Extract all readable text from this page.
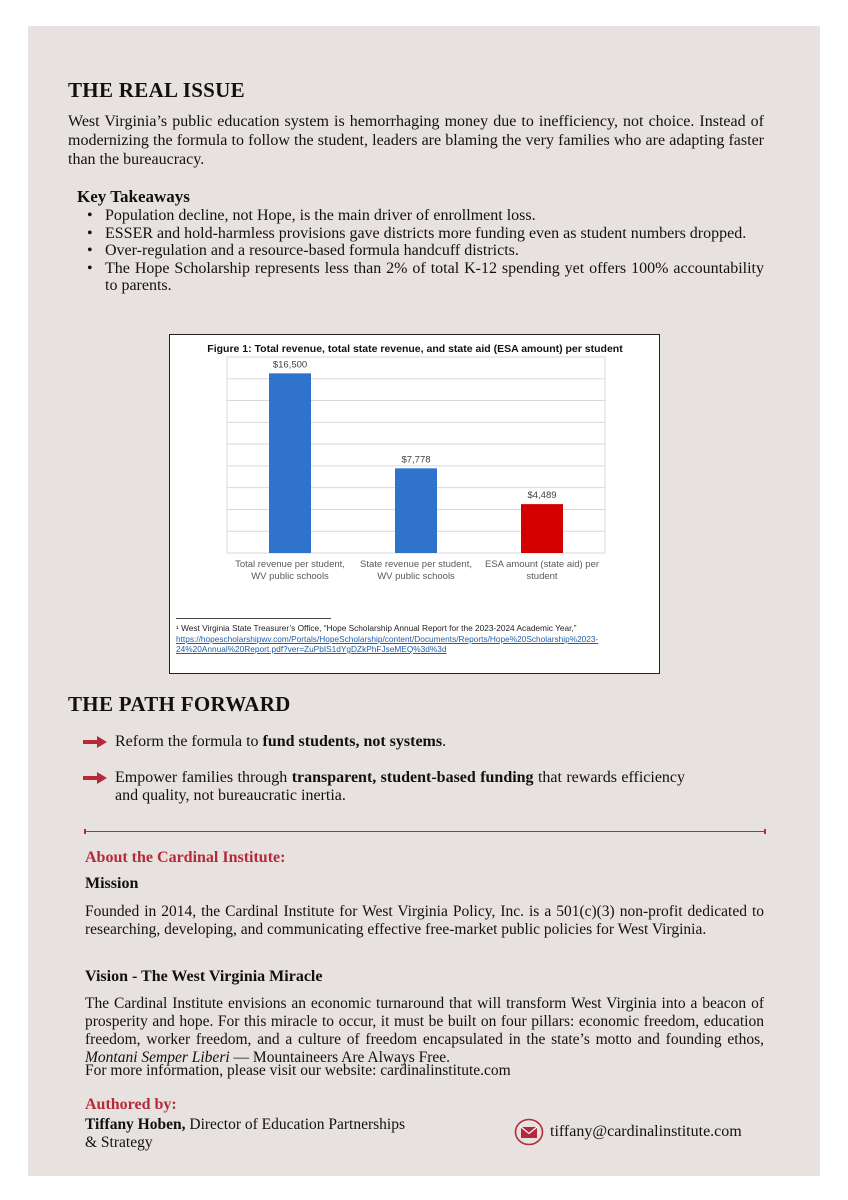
THE REAL ISSUE
West Virginia’s public education system is hemorrhaging money due to inefficiency, not choice. Instead of modernizing the formula to follow the student, leaders are blaming the very families who are adapting faster than the bureaucracy.
Key Takeaways
• Population decline, not Hope, is the main driver of enrollment loss.
• ESSER and hold-harmless provisions gave districts more funding even as student numbers dropped.
• Over-regulation and a resource-based formula handcuff districts.
• The Hope Scholarship represents less than 2% of total K-12 spending yet offers 100% accountability to parents.
Figure 1: Total revenue, total state revenue, and state aid (ESA amount) per student
$16,500
Total revenue per student,
WV public schools
$7,778
State revenue per student,
WV public schools
$4,489
ESA amount (state aid) per
student
¹ West Virginia State Treasurer’s Office, “Hope Scholarship Annual Report for the 2023-2024 Academic Year,”
https://hopescholarshipwv.com/Portals/HopeScholarship/content/Documents/Reports/Hope%20Scholarship%2023-
24%20Annual%20Report.pdf?ver=ZuPbIS1dYgDZkPhFJseMEQ%3d%3d
THE PATH FORWARD
Reform the formula to fund students, not systems.
Empower families through transparent, student-based funding that rewards efficiency and quality, not bureaucratic inertia.
About the Cardinal Institute:
Mission
Founded in 2014, the Cardinal Institute for West Virginia Policy, Inc. is a 501(c)(3) non-profit dedicated to researching, developing, and communicating effective free-market public policies for West Virginia.
Vision - The West Virginia Miracle
The Cardinal Institute envisions an economic turnaround that will transform West Virginia into a beacon of prosperity and hope. For this miracle to occur, it must be built on four pillars: economic freedom, education freedom, worker freedom, and a culture of freedom encapsulated in the state’s motto and founding ethos, Montani Semper Liberi — Mountaineers Are Always Free.
For more information, please visit our website: cardinalinstitute.com
Authored by:
Tiffany Hoben, Director of Education Partnerships
& Strategy
tiffany@cardinalinstitute.com
